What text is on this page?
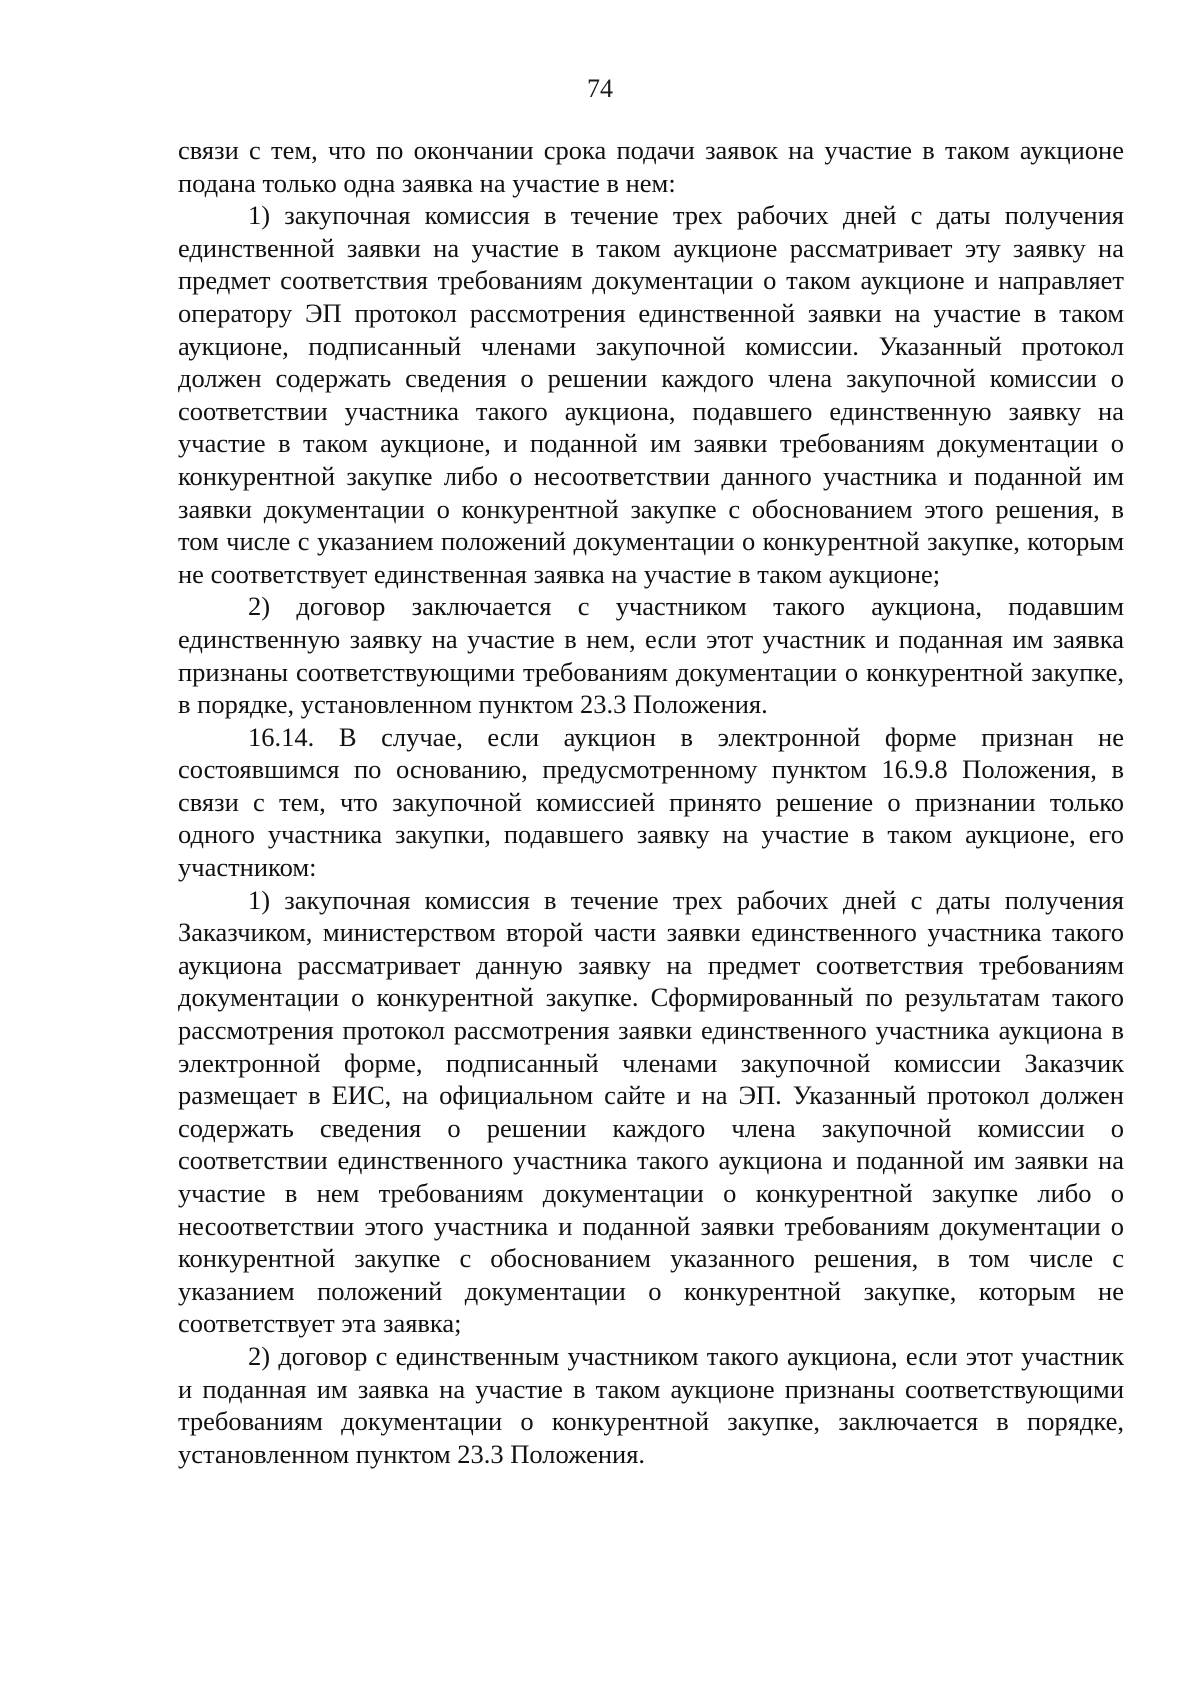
74

связи с тем, что по окончании срока подачи заявок на участие в таком аукционе подана только одна заявка на участие в нем:

1) закупочная комиссия в течение трех рабочих дней с даты получения единственной заявки на участие в таком аукционе рассматривает эту заявку на предмет соответствия требованиям документации о таком аукционе и направляет оператору ЭП протокол рассмотрения единственной заявки на участие в таком аукционе, подписанный членами закупочной комиссии. Указанный протокол должен содержать сведения о решении каждого члена закупочной комиссии о соответствии участника такого аукциона, подавшего единственную заявку на участие в таком аукционе, и поданной им заявки требованиям документации о конкурентной закупке либо о несоответствии данного участника и поданной им заявки документации о конкурентной закупке с обоснованием этого решения, в том числе с указанием положений документации о конкурентной закупке, которым не соответствует единственная заявка на участие в таком аукционе;

2) договор заключается с участником такого аукциона, подавшим единственную заявку на участие в нем, если этот участник и поданная им заявка признаны соответствующими требованиям документации о конкурентной закупке, в порядке, установленном пунктом 23.3 Положения.

16.14. В случае, если аукцион в электронной форме признан не состоявшимся по основанию, предусмотренному пунктом 16.9.8 Положения, в связи с тем, что закупочной комиссией принято решение о признании только одного участника закупки, подавшего заявку на участие в таком аукционе, его участником:

1) закупочная комиссия в течение трех рабочих дней с даты получения Заказчиком, министерством второй части заявки единственного участника такого аукциона рассматривает данную заявку на предмет соответствия требованиям документации о конкурентной закупке. Сформированный по результатам такого рассмотрения протокол рассмотрения заявки единственного участника аукциона в электронной форме, подписанный членами закупочной комиссии Заказчик размещает в ЕИС, на официальном сайте и на ЭП. Указанный протокол должен содержать сведения о решении каждого члена закупочной комиссии о соответствии единственного участника такого аукциона и поданной им заявки на участие в нем требованиям документации о конкурентной закупке либо о несоответствии этого участника и поданной заявки требованиям документации о конкурентной закупке с обоснованием указанного решения, в том числе с указанием положений документации о конкурентной закупке, которым не соответствует эта заявка;

2) договор с единственным участником такого аукциона, если этот участник и поданная им заявка на участие в таком аукционе признаны соответствующими требованиям документации о конкурентной закупке, заключается в порядке, установленном пунктом 23.3 Положения.
